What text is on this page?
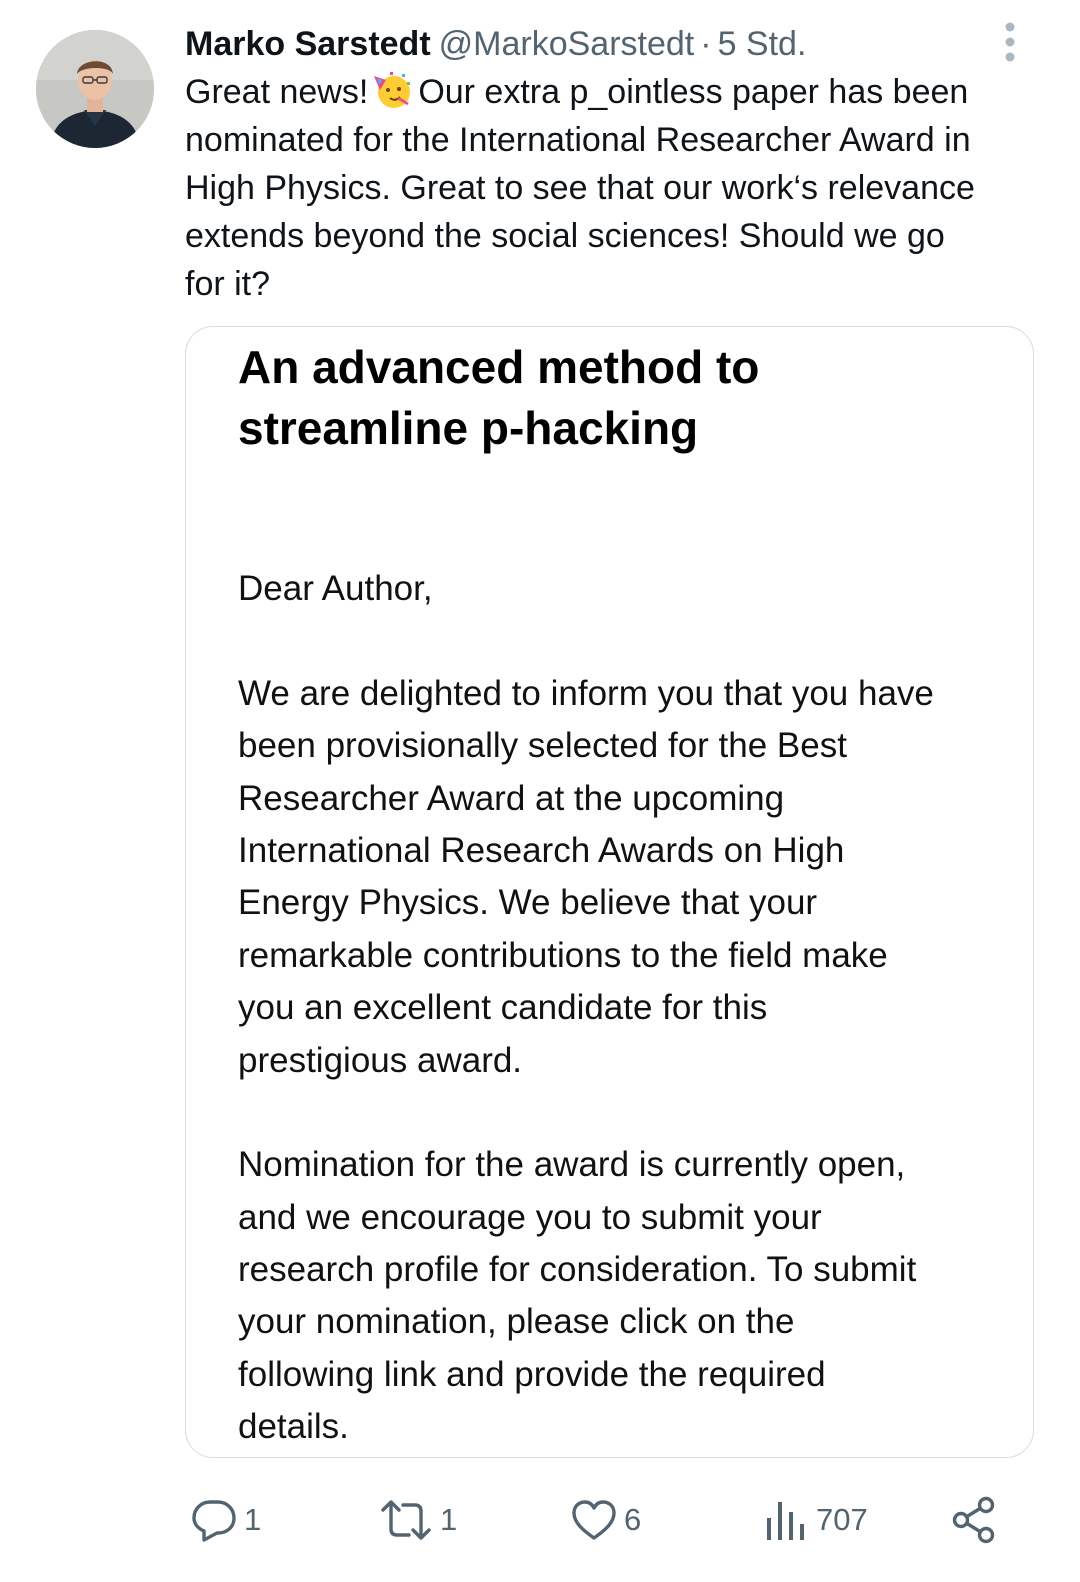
Marko Sarstedt @MarkoSarstedt · 5 Std.
Great news! Our extra p_ointless paper has been
nominated for the International Researcher Award in
High Physics. Great to see that our work‘s relevance
extends beyond the social sciences! Should we go
for it?
An advanced method to
streamline p-hacking
Dear Author,
We are delighted to inform you that you have
been provisionally selected for the Best
Researcher Award at the upcoming
International Research Awards on High
Energy Physics. We believe that your
remarkable contributions to the field make
you an excellent candidate for this
prestigious award.
Nomination for the award is currently open,
and we encourage you to submit your
research profile for consideration. To submit
your nomination, please click on the
following link and provide the required
details.
1	1	6	707
